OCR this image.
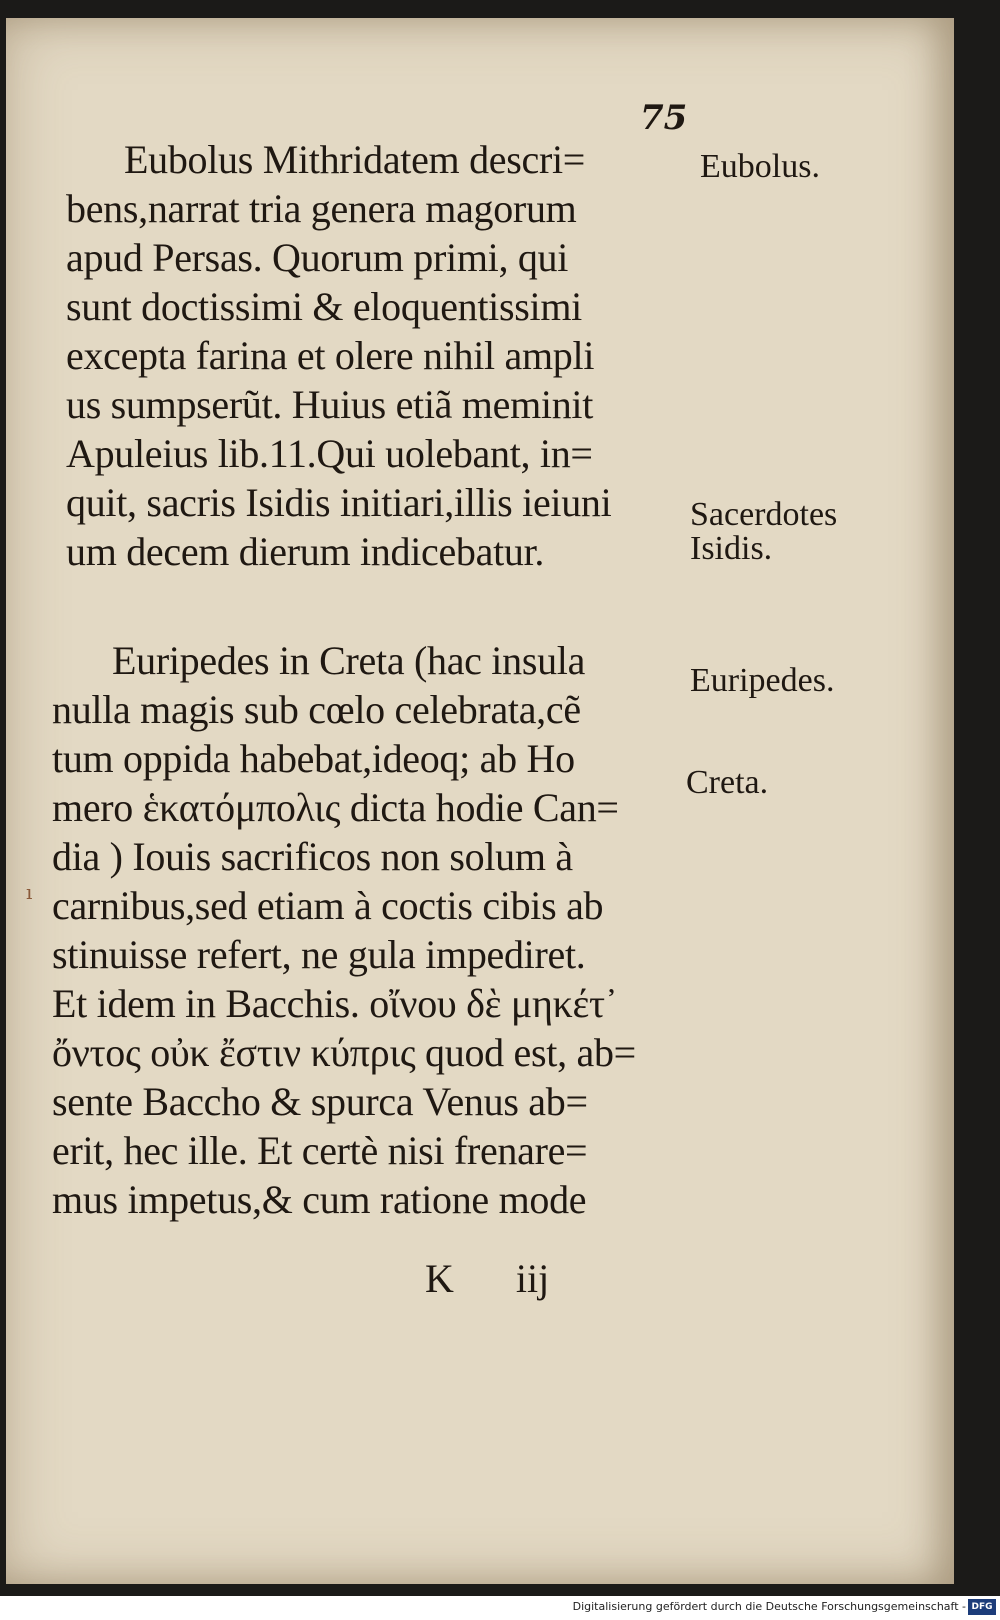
75
Eubolus Mithridatem descri=
bens,narrat tria genera magorum
apud Persas. Quorum primi, qui
sunt doctissimi & eloquentissimi
excepta farina et olere nihil ampli
us sumpserũt. Huius etiã meminit
Apuleius lib.11.Qui uolebant, in=
quit, sacris Isidis initiari,illis ieiuni
um decem dierum indicebatur.
Euripedes in Creta (hac insula
nulla magis sub cœlo celebrata,cẽ
tum oppida habebat,ideoq; ab Ho
mero ἑκατόμπολις dicta hodie Can=
dia ) Iouis sacrificos non solum à
carnibus,sed etiam à coctis cibis ab
stinuisse refert, ne gula impediret.
Et idem in Bacchis. οἴνου δὲ μηκέτ᾽
ὄντος οὐκ ἔστιν κύπρις quod est, ab=
sente Baccho & spurca Venus ab=
erit, hec ille. Et certè nisi frenare=
mus impetus,& cum ratione mode
Eubolus.
Sacerdotes
Isidis.
Euripedes.
Creta.
K iij
ı
Digitalisierung gefördert durch die Deutsche Forschungsgemeinschaft - DFG
